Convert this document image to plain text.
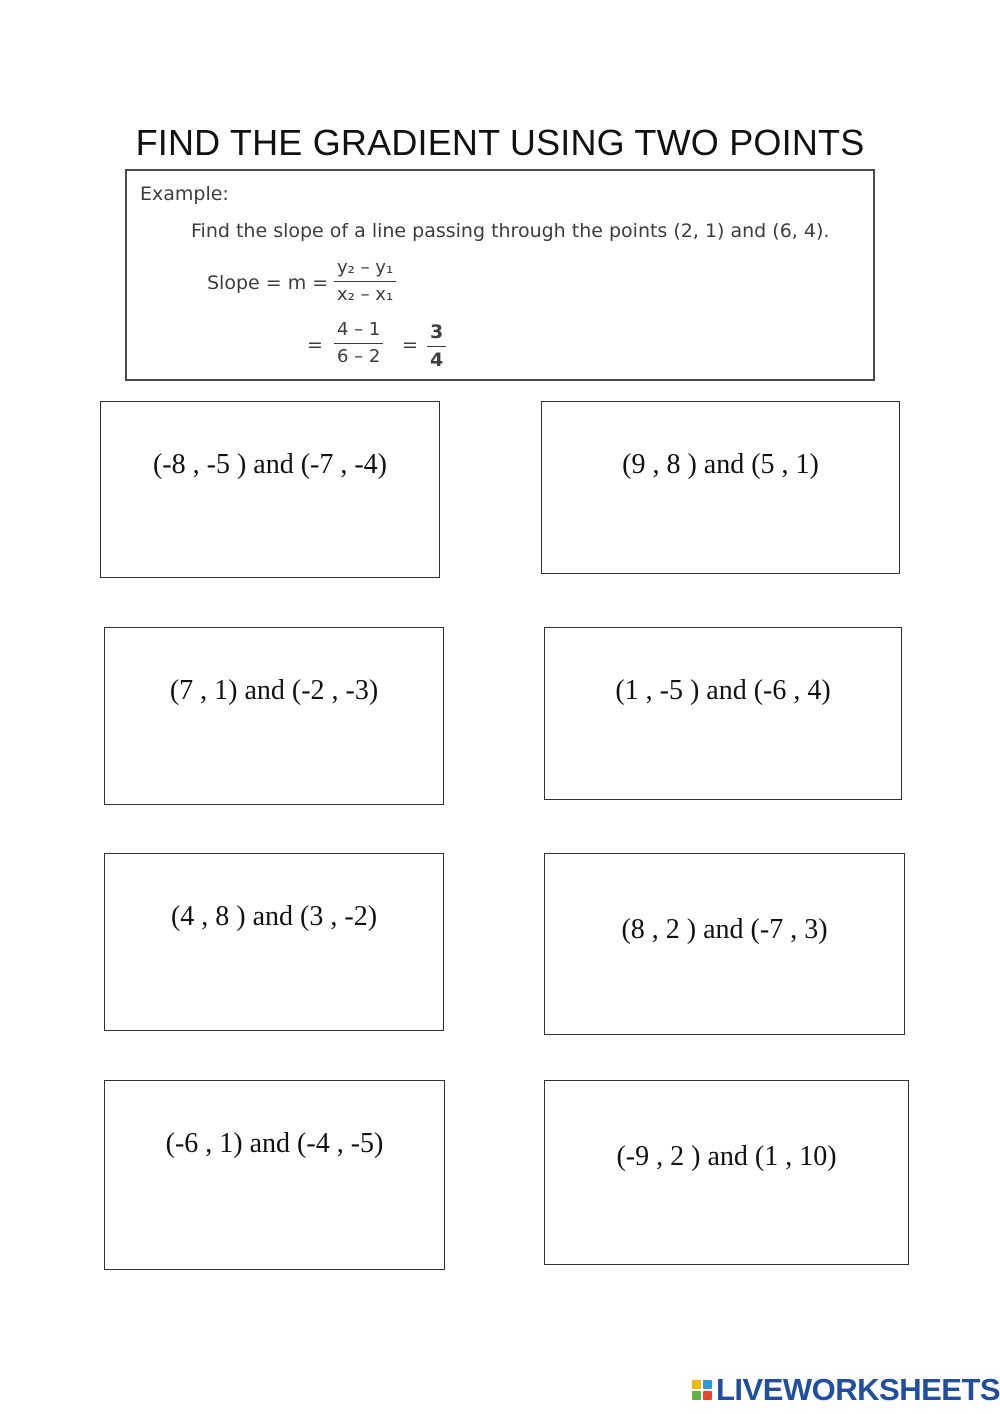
FIND THE GRADIENT USING TWO POINTS
Example:
Find the slope of a line passing through the points (2, 1) and (6, 4).
Slope = $m = \frac{\text{y₂ – y₁}}{\text{x₂ – x₁}}$
= $\frac{4 - 1}{6 - 2} = \frac{3}{4}$
(-8 , -5 ) and (-7 , -4)	(9 , 8 ) and (5 , 1)
(7 , 1) and (-2 , -3)	(1 , -5 ) and (-6 , 4)
(4 , 8 ) and (3 , -2)	(8 , 2 ) and (-7 , 3)
(-6 , 1) and (-4 , -5)	(-9 , 2 ) and (1 , 10)
LIVEWORKSHEETS
